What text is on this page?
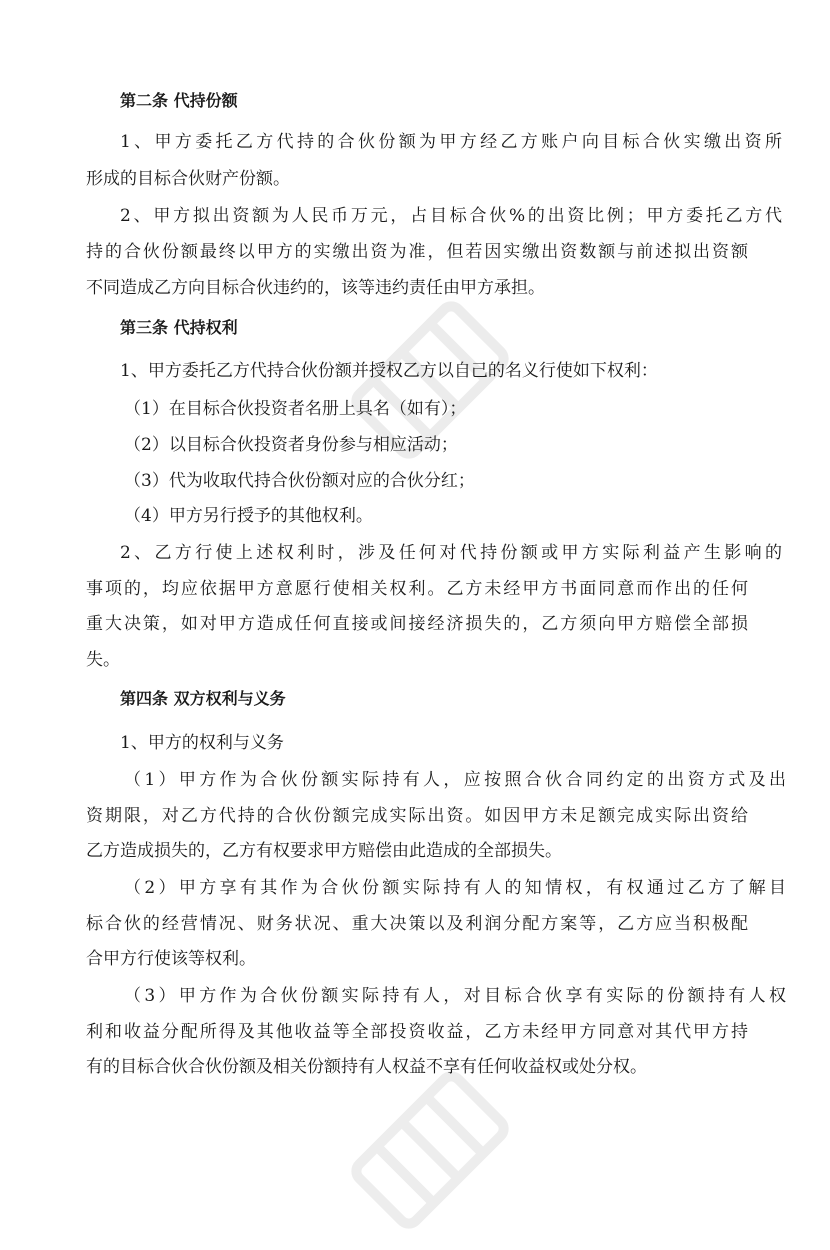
第二条 代持份额
1、甲方委托乙方代持的合伙份额为甲方经乙方账户向目标合伙实缴出资所
形成的目标合伙财产份额。
2、甲方拟出资额为人民币万元，占目标合伙%的出资比例；甲方委托乙方代
持的合伙份额最终以甲方的实缴出资为准，但若因实缴出资数额与前述拟出资额
不同造成乙方向目标合伙违约的，该等违约责任由甲方承担。
第三条 代持权利
1、甲方委托乙方代持合伙份额并授权乙方以自己的名义行使如下权利：
（1）在目标合伙投资者名册上具名（如有）；
（2）以目标合伙投资者身份参与相应活动；
（3）代为收取代持合伙份额对应的合伙分红；
（4）甲方另行授予的其他权利。
2、乙方行使上述权利时，涉及任何对代持份额或甲方实际利益产生影响的
事项的，均应依据甲方意愿行使相关权利。乙方未经甲方书面同意而作出的任何
重大决策，如对甲方造成任何直接或间接经济损失的，乙方须向甲方赔偿全部损
失。
第四条 双方权利与义务
1、甲方的权利与义务
（1）甲方作为合伙份额实际持有人，应按照合伙合同约定的出资方式及出
资期限，对乙方代持的合伙份额完成实际出资。如因甲方未足额完成实际出资给
乙方造成损失的，乙方有权要求甲方赔偿由此造成的全部损失。
（2）甲方享有其作为合伙份额实际持有人的知情权，有权通过乙方了解目
标合伙的经营情况、财务状况、重大决策以及利润分配方案等，乙方应当积极配
合甲方行使该等权利。
（3）甲方作为合伙份额实际持有人，对目标合伙享有实际的份额持有人权
利和收益分配所得及其他收益等全部投资收益，乙方未经甲方同意对其代甲方持
有的目标合伙合伙份额及相关份额持有人权益不享有任何收益权或处分权。
